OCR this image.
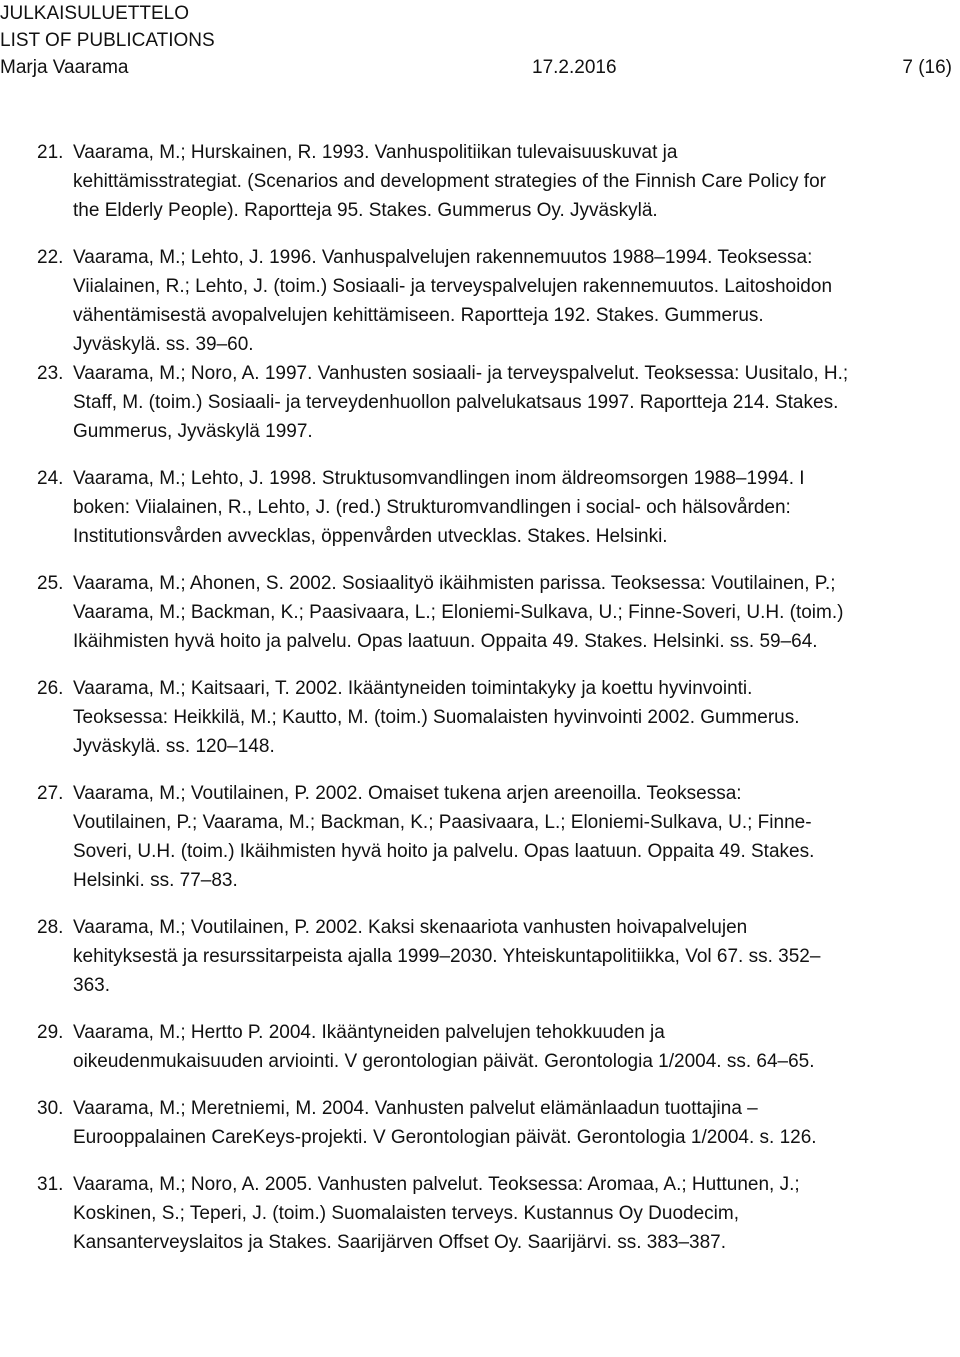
JULKAISULUETTELO
LIST OF PUBLICATIONS
Marja Vaarama	17.2.2016	7 (16)
21. Vaarama, M.; Hurskainen, R. 1993. Vanhuspolitiikan tulevaisuuskuvat ja
kehittämisstrategiat. (Scenarios and development strategies of the Finnish Care Policy for
the Elderly People). Raportteja 95. Stakes. Gummerus Oy. Jyväskylä.
22. Vaarama, M.; Lehto, J. 1996. Vanhuspalvelujen rakennemuutos 1988‒1994. Teoksessa:
Viialainen, R.; Lehto, J. (toim.) Sosiaali- ja terveyspalvelujen rakennemuutos. Laitoshoidon
vähentämisestä avopalvelujen kehittämiseen. Raportteja 192. Stakes. Gummerus.
Jyväskylä. ss. 39‒60.
23. Vaarama, M.; Noro, A. 1997. Vanhusten sosiaali- ja terveyspalvelut. Teoksessa: Uusitalo, H.;
Staff, M. (toim.) Sosiaali- ja terveydenhuollon palvelukatsaus 1997. Raportteja 214. Stakes.
Gummerus, Jyväskylä 1997.
24. Vaarama, M.; Lehto, J. 1998. Struktusomvandlingen inom äldreomsorgen 1988‒1994. I
boken: Viialainen, R., Lehto, J. (red.) Strukturomvandlingen i social- och hälsovården:
Institutionsvården avvecklas, öppenvården utvecklas. Stakes. Helsinki.
25. Vaarama, M.; Ahonen, S. 2002. Sosiaalityö ikäihmisten parissa. Teoksessa: Voutilainen, P.;
Vaarama, M.; Backman, K.; Paasivaara, L.; Eloniemi-Sulkava, U.; Finne-Soveri, U.H. (toim.)
Ikäihmisten hyvä hoito ja palvelu. Opas laatuun. Oppaita 49. Stakes. Helsinki. ss. 59‒64.
26. Vaarama, M.; Kaitsaari, T. 2002. Ikääntyneiden toimintakyky ja koettu hyvinvointi.
Teoksessa: Heikkilä, M.; Kautto, M. (toim.) Suomalaisten hyvinvointi 2002. Gummerus.
Jyväskylä. ss. 120‒148.
27. Vaarama, M.; Voutilainen, P. 2002. Omaiset tukena arjen areenoilla. Teoksessa:
Voutilainen, P.; Vaarama, M.; Backman, K.; Paasivaara, L.; Eloniemi-Sulkava, U.; Finne-
Soveri, U.H. (toim.) Ikäihmisten hyvä hoito ja palvelu. Opas laatuun. Oppaita 49. Stakes.
Helsinki. ss. 77‒83.
28. Vaarama, M.; Voutilainen, P. 2002. Kaksi skenaariota vanhusten hoivapalvelujen
kehityksestä ja resurssitarpeista ajalla 1999‒2030. Yhteiskuntapolitiikka, Vol 67. ss. 352‒
363.
29. Vaarama, M.; Hertto P. 2004. Ikääntyneiden palvelujen tehokkuuden ja
oikeudenmukaisuuden arviointi. V gerontologian päivät. Gerontologia 1/2004. ss. 64‒65.
30. Vaarama, M.; Meretniemi, M. 2004. Vanhusten palvelut elämänlaadun tuottajina ‒
Eurooppalainen CareKeys-projekti. V Gerontologian päivät. Gerontologia 1/2004. s. 126.
31. Vaarama, M.; Noro, A. 2005. Vanhusten palvelut. Teoksessa: Aromaa, A.; Huttunen, J.;
Koskinen, S.; Teperi, J. (toim.) Suomalaisten terveys. Kustannus Oy Duodecim,
Kansanterveyslaitos ja Stakes. Saarijärven Offset Oy. Saarijärvi. ss. 383‒387.
